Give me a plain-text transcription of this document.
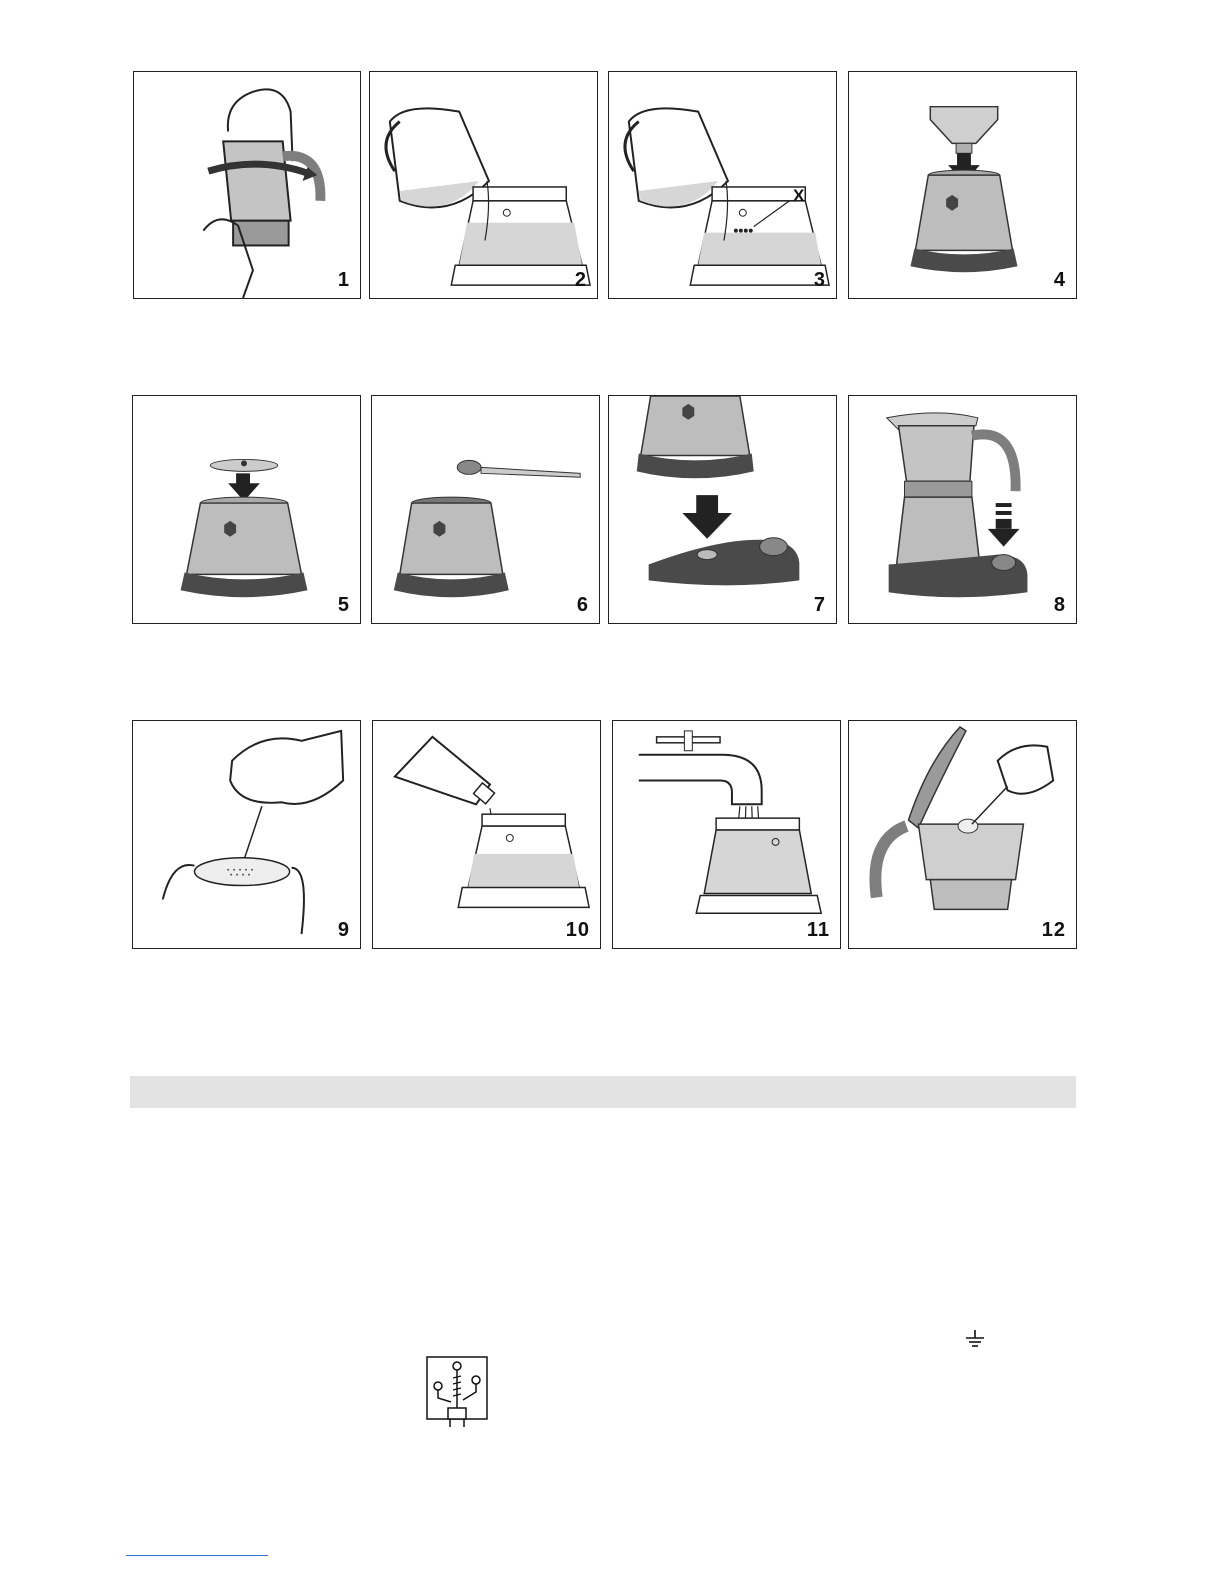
1	2
X
3	4
5	6	7	8
9	10	11	12
